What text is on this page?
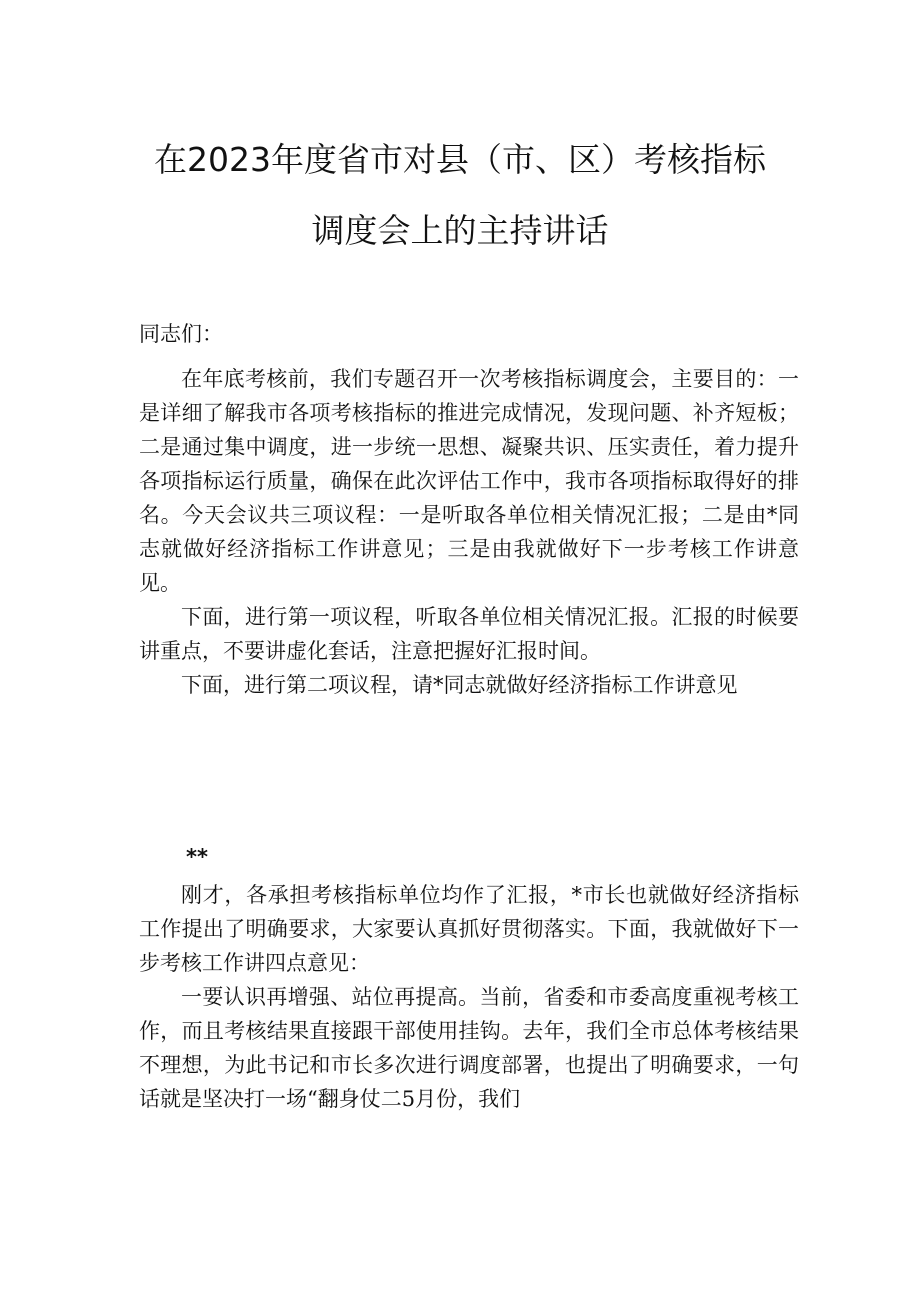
在2023年度省市对县（市、区）考核指标
调度会上的主持讲话
同志们：

在年底考核前，我们专题召开一次考核指标调度会，主要目的：一是详细了解我市各项考核指标的推进完成情况，发现问题、补齐短板；二是通过集中调度，进一步统一思想、凝聚共识、压实责任，着力提升各项指标运行质量，确保在此次评估工作中，我市各项指标取得好的排名。今天会议共三项议程：一是听取各单位相关情况汇报；二是由*同志就做好经济指标工作讲意见；三是由我就做好下一步考核工作讲意见。

下面，进行第一项议程，听取各单位相关情况汇报。汇报的时候要讲重点，不要讲虚化套话，注意把握好汇报时间。

下面，进行第二项议程，请*同志就做好经济指标工作讲意见

**

刚才，各承担考核指标单位均作了汇报，*市长也就做好经济指标工作提出了明确要求，大家要认真抓好贯彻落实。下面，我就做好下一步考核工作讲四点意见：

一要认识再增强、站位再提高。当前，省委和市委高度重视考核工作，而且考核结果直接跟干部使用挂钩。去年，我们全市总体考核结果不理想，为此书记和市长多次进行调度部署，也提出了明确要求，一句话就是坚决打一场“翻身仗二5月份，我们
